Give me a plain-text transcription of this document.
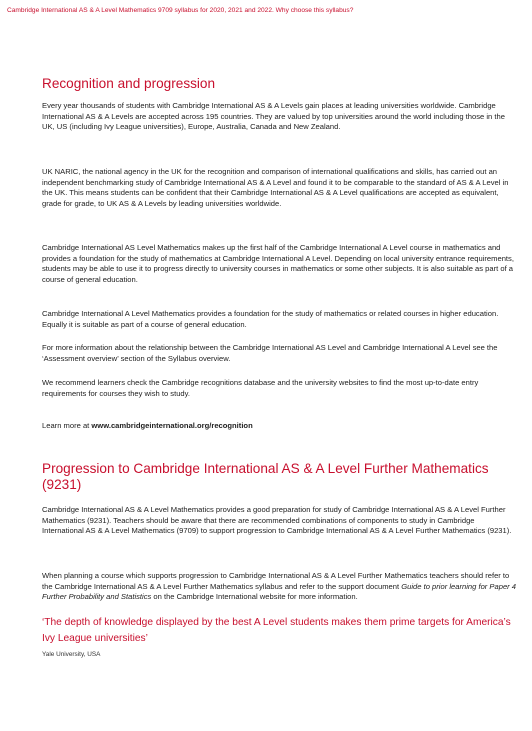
Cambridge International AS & A Level Mathematics 9709 syllabus for 2020, 2021 and 2022. Why choose this syllabus?
Recognition and progression

Every year thousands of students with Cambridge International AS & A Levels gain places at leading universities worldwide. Cambridge International AS & A Levels are accepted across 195 countries. They are valued by top universities around the world including those in the UK, US (including Ivy League universities), Europe, Australia, Canada and New Zealand.

UK NARIC, the national agency in the UK for the recognition and comparison of international qualifications and skills, has carried out an independent benchmarking study of Cambridge International AS & A Level and found it to be comparable to the standard of AS & A Level in the UK. This means students can be confident that their Cambridge International AS & A Level qualifications are accepted as equivalent, grade for grade, to UK AS & A Levels by leading universities worldwide.

Cambridge International AS Level Mathematics makes up the first half of the Cambridge International A Level course in mathematics and provides a foundation for the study of mathematics at Cambridge International A Level. Depending on local university entrance requirements, students may be able to use it to progress directly to university courses in mathematics or some other subjects. It is also suitable as part of a course of general education.

Cambridge International A Level Mathematics provides a foundation for the study of mathematics or related courses in higher education. Equally it is suitable as part of a course of general education.

For more information about the relationship between the Cambridge International AS Level and Cambridge International A Level see the ‘Assessment overview’ section of the Syllabus overview.

We recommend learners check the Cambridge recognitions database and the university websites to find the most up-to-date entry requirements for courses they wish to study.

Learn more at www.cambridgeinternational.org/recognition

Progression to Cambridge International AS & A Level Further Mathematics (9231)

Cambridge International AS & A Level Mathematics provides a good preparation for study of Cambridge International AS & A Level Further Mathematics (9231). Teachers should be aware that there are recommended combinations of components to study in Cambridge International AS & A Level Mathematics (9709) to support progression to Cambridge International AS & A Level Further Mathematics (9231).

When planning a course which supports progression to Cambridge International AS & A Level Further Mathematics teachers should refer to the Cambridge International AS & A Level Further Mathematics syllabus and refer to the support document Guide to prior learning for Paper 4 Further Probability and Statistics on the Cambridge International website for more information.

‘The depth of knowledge displayed by the best A Level students makes them prime targets for America’s Ivy League universities’

Yale University, USA
